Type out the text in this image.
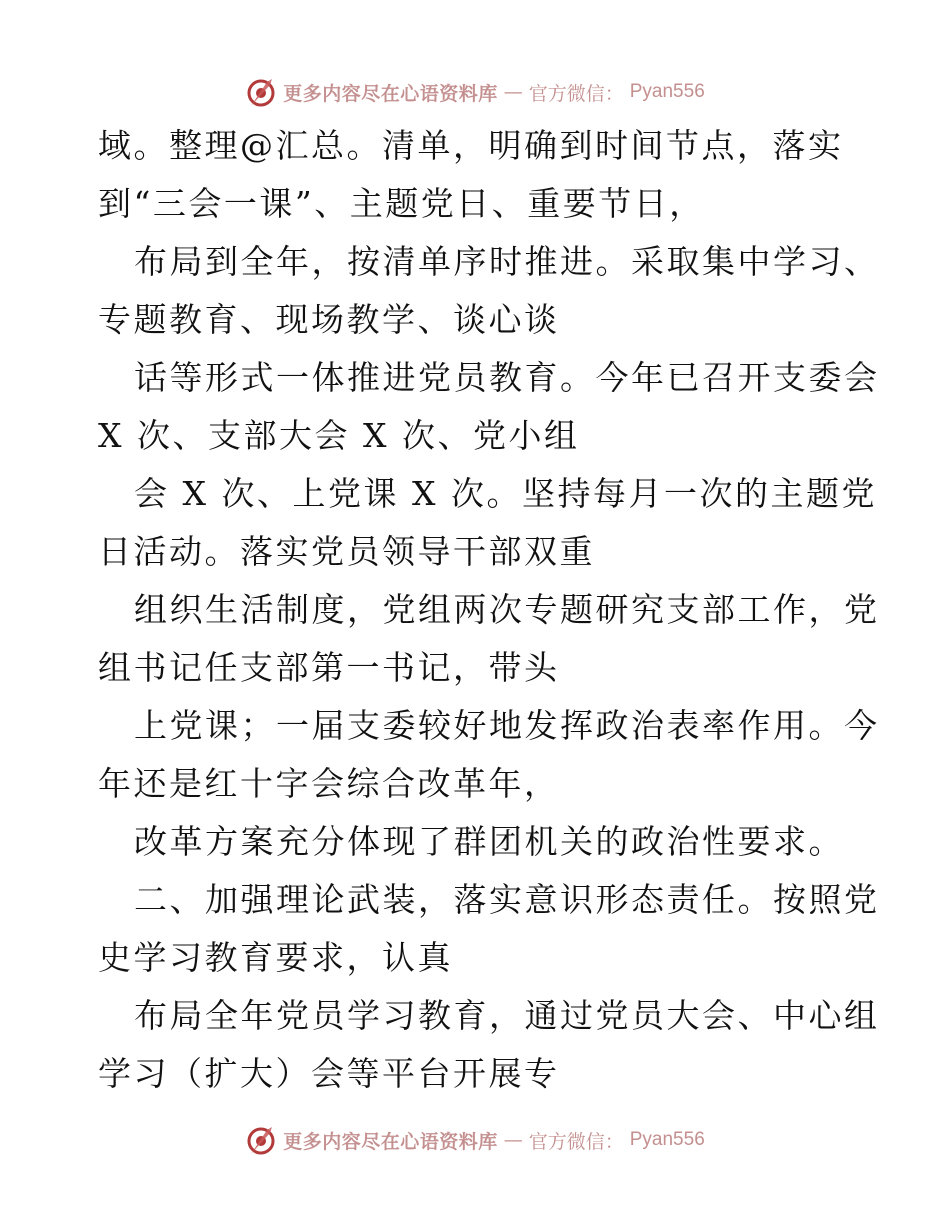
更多内容尽在心语资料库 — 官方微信： Pyan556
域。整理@汇总。清单，明确到时间节点，落实
到“三会一课”、主题党日、重要节日，
布局到全年，按清单序时推进。采取集中学习、
专题教育、现场教学、谈心谈
话等形式一体推进党员教育。今年已召开支委会
X 次、支部大会 X 次、党小组
会 X 次、上党课 X 次。坚持每月一次的主题党
日活动。落实党员领导干部双重
组织生活制度，党组两次专题研究支部工作，党
组书记任支部第一书记，带头
上党课；一届支委较好地发挥政治表率作用。今
年还是红十字会综合改革年，
改革方案充分体现了群团机关的政治性要求。
二、加强理论武装，落实意识形态责任。按照党
史学习教育要求，认真
布局全年党员学习教育，通过党员大会、中心组
学习（扩大）会等平台开展专
更多内容尽在心语资料库 — 官方微信： Pyan556
